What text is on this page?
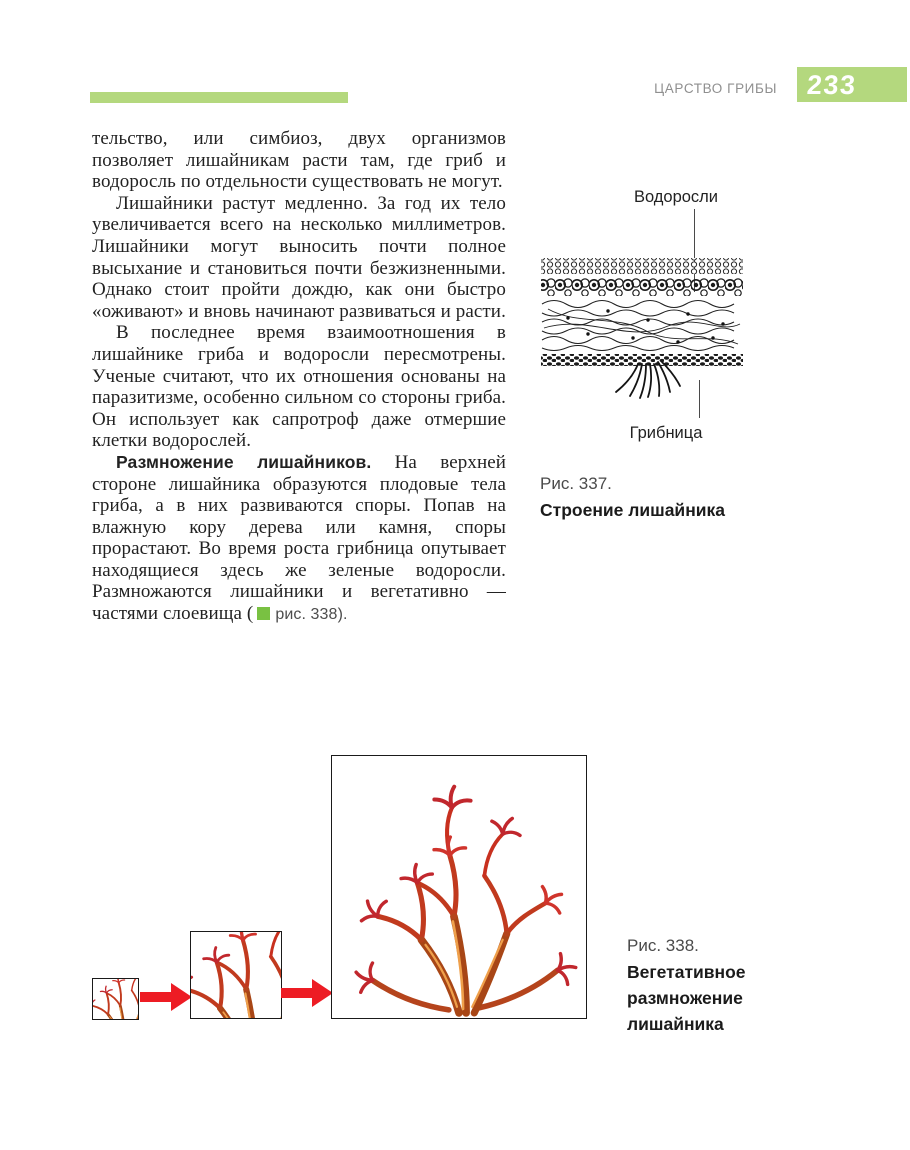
ЦАРСТВО ГРИБЫ 233

тельство, или симбиоз, двух организмов позволяет лишайникам расти там, где гриб и водоросль по отдельности существовать не могут.

Лишайники растут медленно. За год их тело увеличивается всего на несколько миллиметров. Лишайники могут выносить почти полное высыхание и становиться почти безжизненными. Однако стоит пройти дождю, как они быстро «оживают» и вновь начинают развиваться и расти.

В последнее время взаимоотношения в лишайнике гриба и водоросли пересмотрены. Ученые считают, что их отношения основаны на паразитизме, особенно сильном со стороны гриба. Он использует как сапротроф даже отмершие клетки водорослей.

Размножение лишайников. На верхней стороне лишайника образуются плодовые тела гриба, а в них развиваются споры. Попав на влажную кору дерева или камня, споры прорастают. Во время роста грибница опутывает находящиеся здесь же зеленые водоросли. Размножаются лишайники и вегетативно — частями слоевища ( рис. 338).

Водоросли
Грибница
Рис. 337.
Строение лишайника
Рис. 338.
Вегетативное размножение лишайника
